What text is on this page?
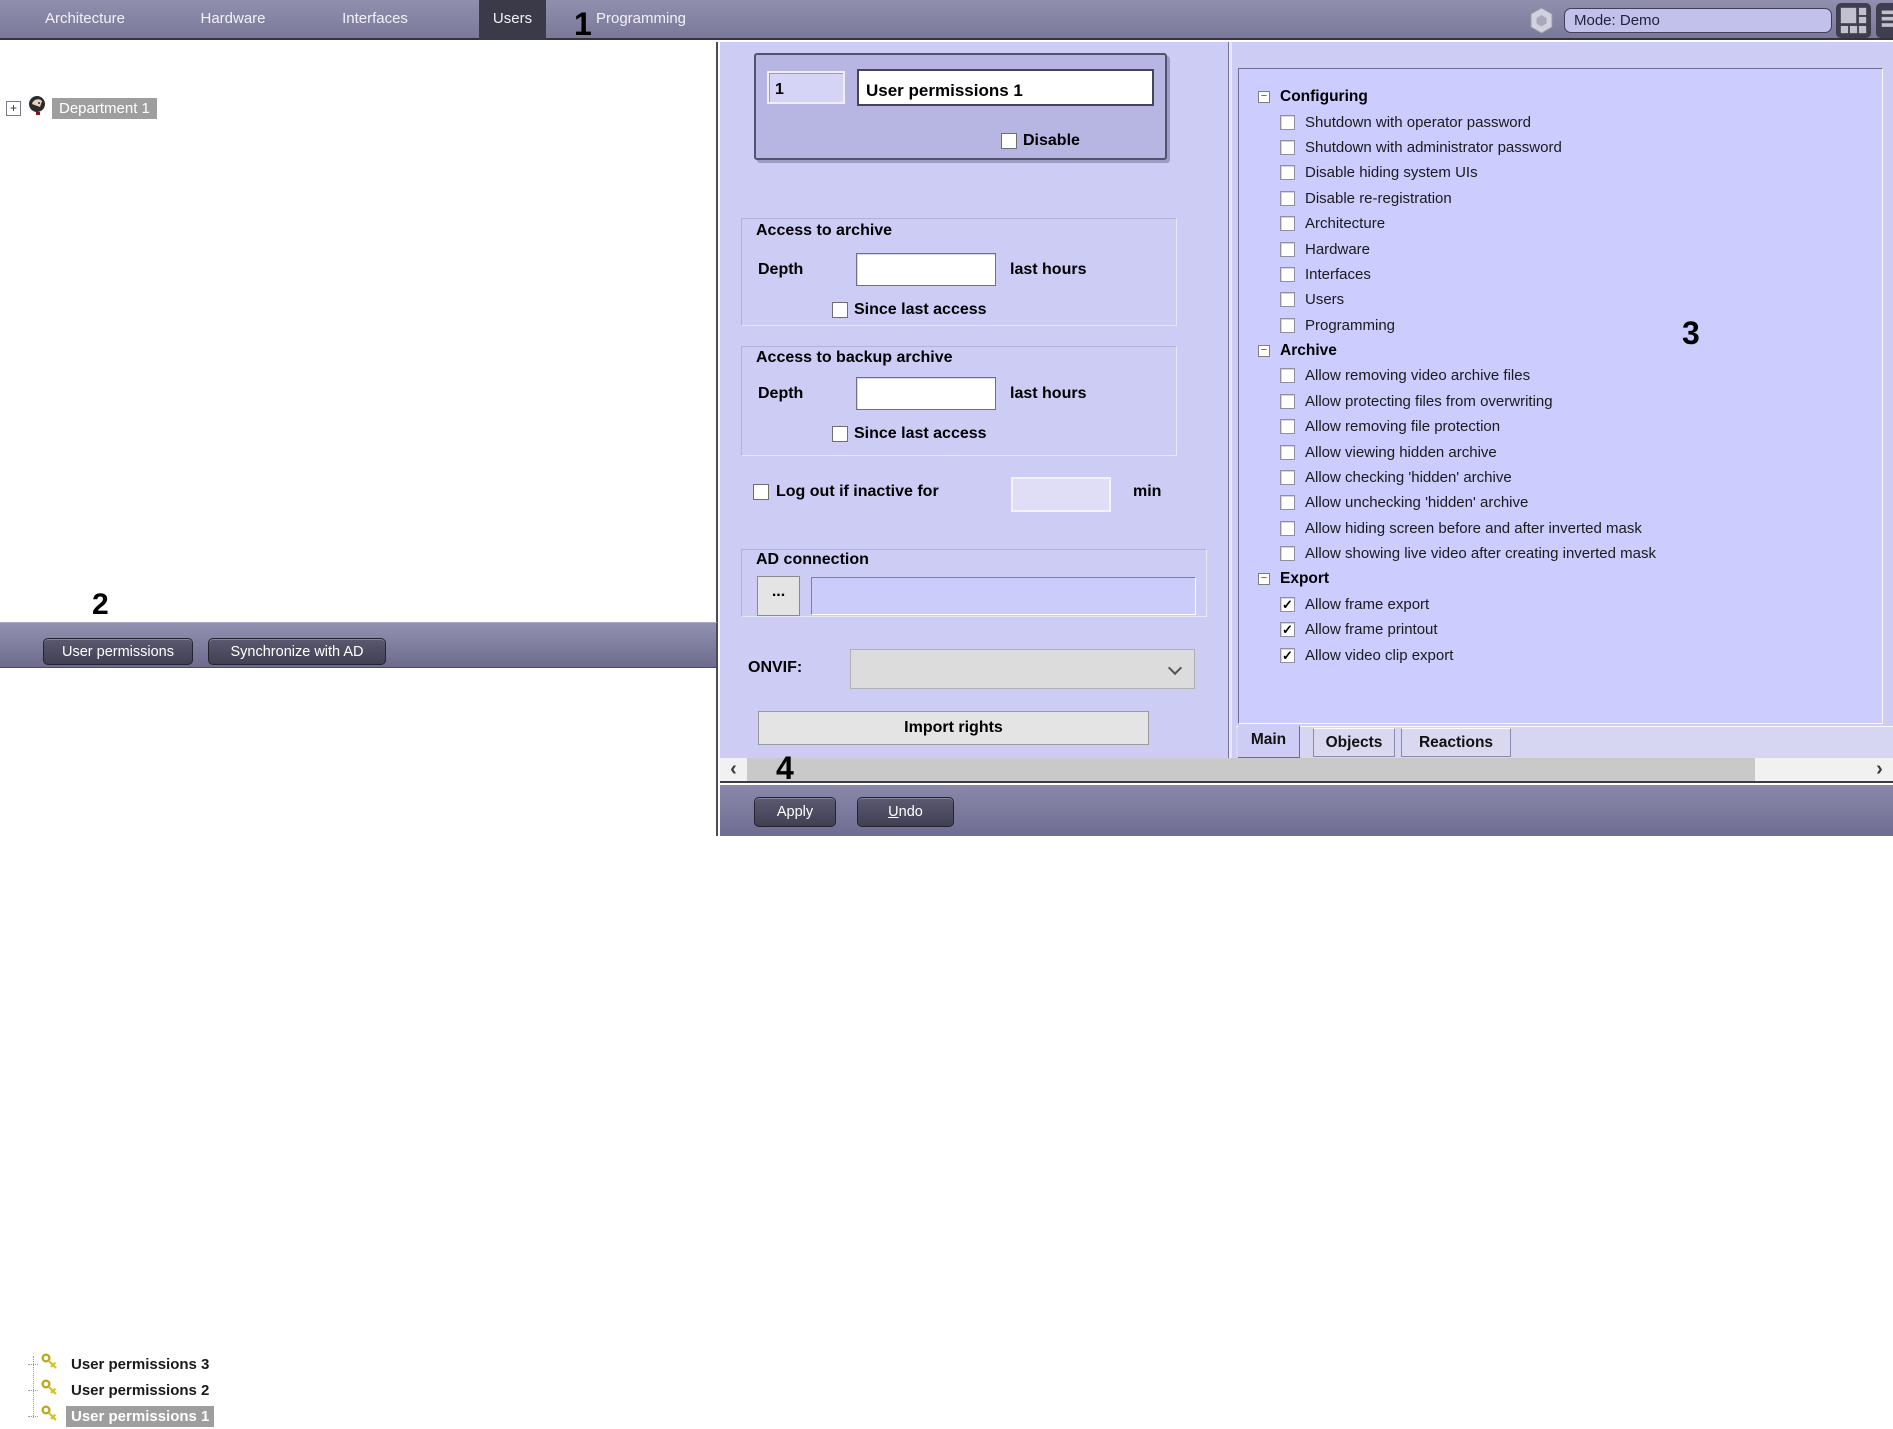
Architecture	Hardware	Interfaces	Users	Programming	Mode: Demo
1
2
3
4
+	Department 1
User permissions	Synchronize with AD
User permissions 3
User permissions 2
User permissions 1
1
User permissions 1
Disable
Access to archive
Depth	last hours
Since last access
Access to backup archive
Depth	last hours
Since last access
Log out if inactive for	min
AD connection
...
ONVIF:
Import rights
− Configuring
Shutdown with operator password
Shutdown with administrator password
Disable hiding system UIs
Disable re-registration
Architecture
Hardware
Interfaces
Users
Programming
− Archive
Allow removing video archive files
Allow protecting files from overwriting
Allow removing file protection
Allow viewing hidden archive
Allow checking 'hidden' archive
Allow unchecking 'hidden' archive
Allow hiding screen before and after inverted mask
Allow showing live video after creating inverted mask
− Export
✓ Allow frame export
✓ Allow frame printout
✓ Allow video clip export
Main	Objects	Reactions
‹	›
Apply	Undo
